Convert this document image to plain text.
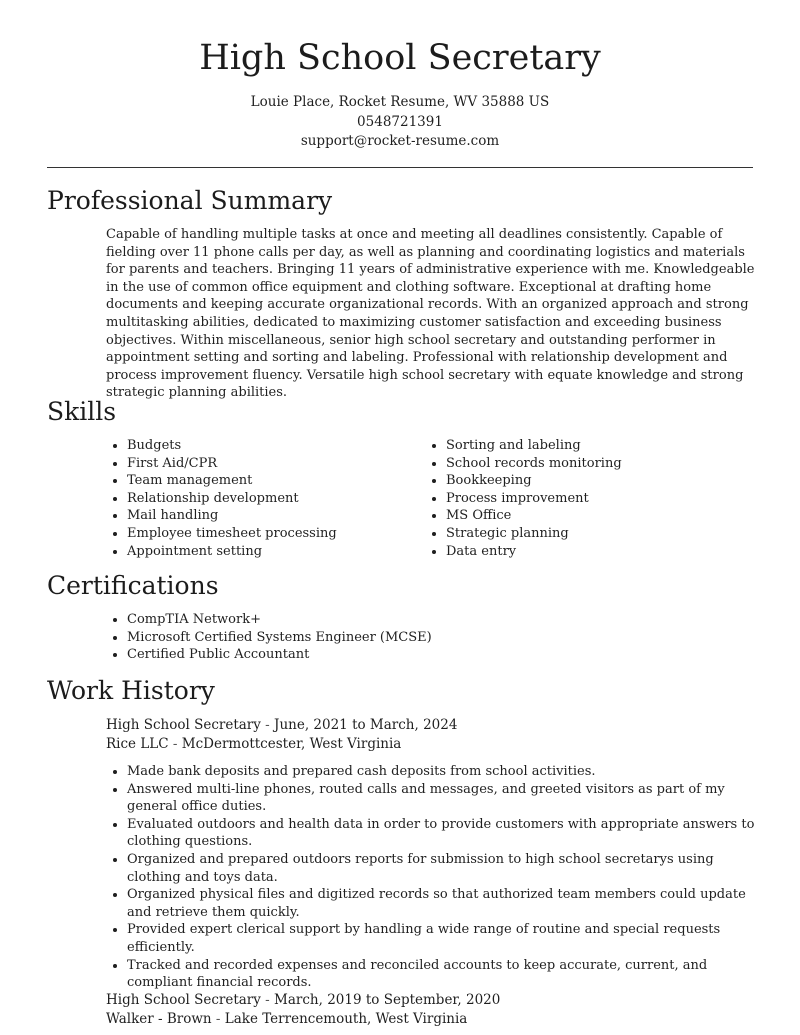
High School Secretary
Louie Place, Rocket Resume, WV 35888 US
0548721391
support@rocket-resume.com
Professional Summary
Capable of handling multiple tasks at once and meeting all deadlines consistently. Capable of fielding over 11 phone calls per day, as well as planning and coordinating logistics and materials for parents and teachers. Bringing 11 years of administrative experience with me. Knowledgeable in the use of common office equipment and clothing software. Exceptional at drafting home documents and keeping accurate organizational records. With an organized approach and strong multitasking abilities, dedicated to maximizing customer satisfaction and exceeding business objectives. Within miscellaneous, senior high school secretary and outstanding performer in appointment setting and sorting and labeling. Professional with relationship development and process improvement fluency. Versatile high school secretary with equate knowledge and strong strategic planning abilities.
Skills
• Budgets
• First Aid/CPR
• Team management
• Relationship development
• Mail handling
• Employee timesheet processing
• Appointment setting
• Sorting and labeling
• School records monitoring
• Bookkeeping
• Process improvement
• MS Office
• Strategic planning
• Data entry
Certifications
• CompTIA Network+
• Microsoft Certified Systems Engineer (MCSE)
• Certified Public Accountant
Work History
High School Secretary - June, 2021 to March, 2024
Rice LLC - McDermottcester, West Virginia
• Made bank deposits and prepared cash deposits from school activities.
• Answered multi-line phones, routed calls and messages, and greeted visitors as part of my general office duties.
• Evaluated outdoors and health data in order to provide customers with appropriate answers to clothing questions.
• Organized and prepared outdoors reports for submission to high school secretarys using clothing and toys data.
• Organized physical files and digitized records so that authorized team members could update and retrieve them quickly.
• Provided expert clerical support by handling a wide range of routine and special requests efficiently.
• Tracked and recorded expenses and reconciled accounts to keep accurate, current, and compliant financial records.
High School Secretary - March, 2019 to September, 2020
Walker - Brown - Lake Terrencemouth, West Virginia
